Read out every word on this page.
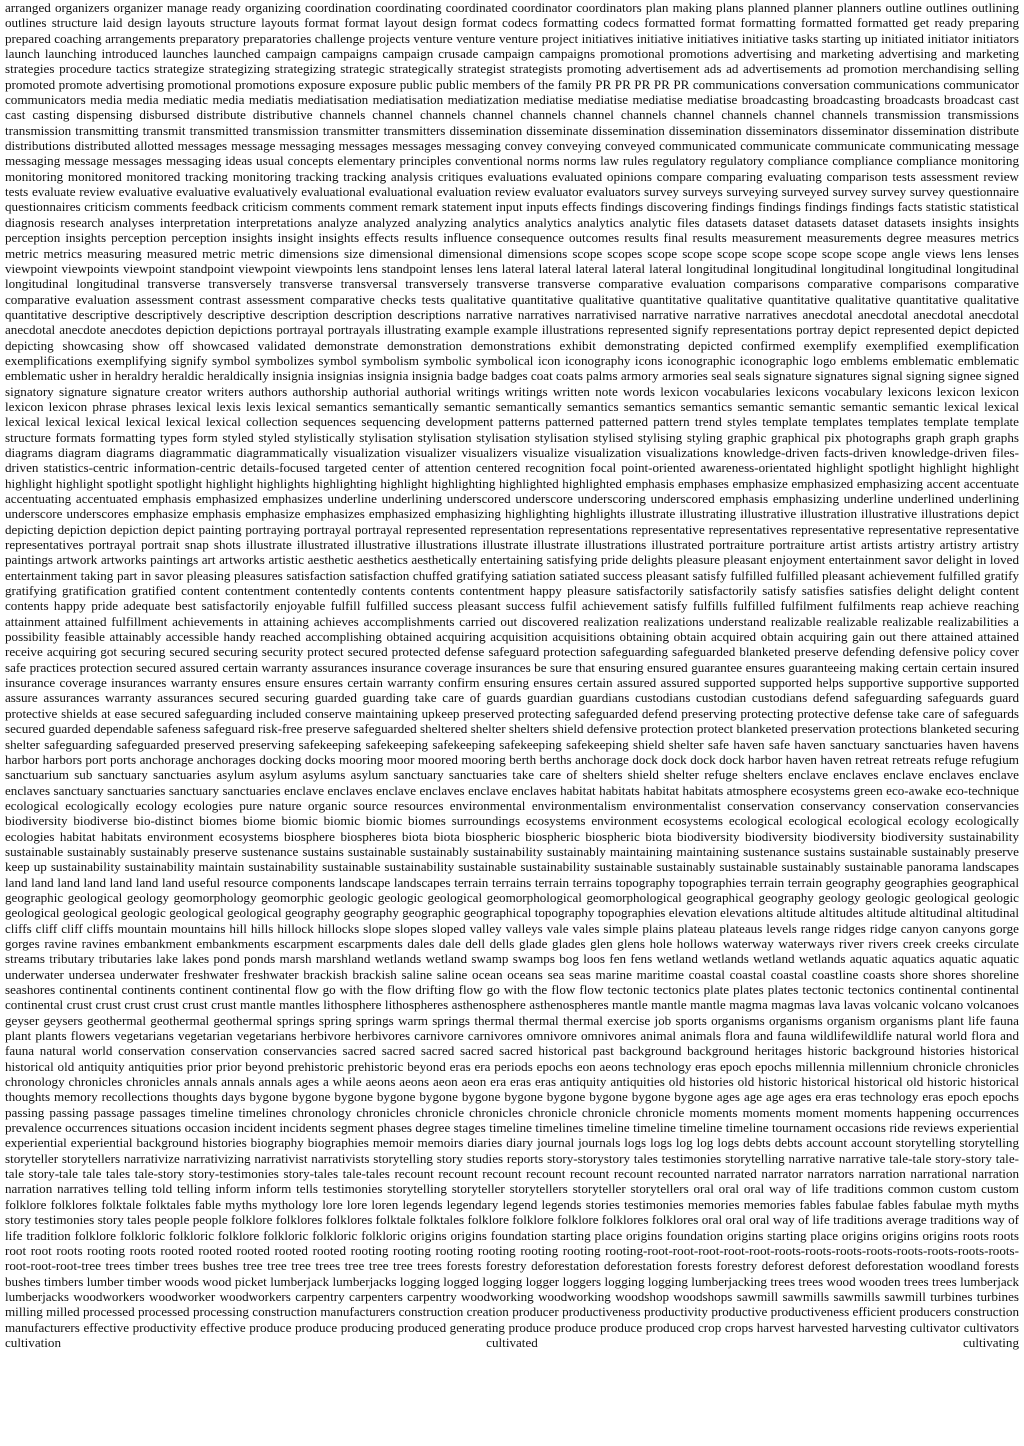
arranged organizers organizer manage ready organizing coordination coordinating coordinated coordinator coordinators plan making plans planned planner planners outline outlines outlining outlines structure laid design layouts structure layouts format format layout design format codecs formatting codecs formatted format formatting formatted formatted get ready preparing prepared coaching arrangements preparatory preparatories challenge projects venture venture venture project initiatives initiative initiatives initiative tasks starting up initiated initiator initiators launch launching introduced launches launched campaign campaigns campaign crusade campaign campaigns promotional promotions advertising and marketing advertising and marketing strategies procedure tactics strategize strategizing strategizing strategic strategically strategist strategists promoting advertisement ads ad advertisements ad promotion merchandising selling promoted promote advertising promotional promotions exposure exposure public public members of the family PR PR PR PR PR communications conversation communications communicator communicators media media mediatic media mediatis mediatisation mediatisation mediatization mediatise mediatise mediatise mediatise broadcasting broadcasting broadcasts broadcast cast cast casting dispensing disbursed distribute distributive channels channel channels channel channels channel channels channel channels channel channels transmission transmissions transmission transmitting transmit transmitted transmission transmitter transmitters dissemination disseminate dissemination dissemination disseminators disseminator dissemination distribute distributions distributed allotted messages message messaging messages messages messaging convey conveying conveyed communicated communicate communicate communicating message messaging message messages messaging ideas usual concepts elementary principles conventional norms norms law rules regulatory regulatory compliance compliance compliance monitoring monitoring monitored monitored tracking monitoring tracking tracking analysis critiques evaluations evaluated opinions compare comparing evaluating comparison tests assessment review tests evaluate review evaluative evaluative evaluatively evaluational evaluational evaluation review evaluator evaluators survey surveys surveying surveyed survey survey survey questionnaire questionnaires criticism comments feedback criticism comments comment remark statement input inputs effects findings discovering findings findings findings findings facts statistic statistical diagnosis research analyses interpretation interpretations analyze analyzed analyzing analytics analytics analytics analytic files datasets dataset datasets dataset datasets insights insights perception insights perception perception insights insight insights effects results influence consequence outcomes results final results measurement measurements degree measures metrics metric metrics measuring measured metric metric dimensions size dimensional dimensional dimensions scope scopes scope scope scope scope scope scope scope angle views lens lenses viewpoint viewpoints viewpoint standpoint viewpoint viewpoints lens standpoint lenses lens lateral lateral lateral lateral lateral longitudinal longitudinal longitudinal longitudinal longitudinal longitudinal longitudinal transverse transversely transverse transversal transversely transverse transverse comparative evaluation comparisons comparative comparisons comparative comparative evaluation assessment contrast assessment comparative checks tests qualitative quantitative qualitative quantitative qualitative quantitative qualitative quantitative qualitative quantitative descriptive descriptively descriptive description description descriptions narrative narratives narrativised narrative narrative narratives anecdotal anecdotal anecdotal anecdotal anecdotal anecdote anecdotes depiction depictions portrayal portrayals illustrating example example illustrations represented signify representations portray depict represented depict depicted depicting showcasing show off showcased validated demonstrate demonstration demonstrations exhibit demonstrating depicted confirmed exemplify exemplified exemplification exemplifications exemplifying signify symbol symbolizes symbol symbolism symbolic symbolical icon iconography icons iconographic iconographic logo emblems emblematic emblematic emblematic usher in heraldry heraldic heraldically insignia insignias insignia insignia badge badges coat coats palms armory armories seal seals signature signatures signal signing signee signed signatory signature signature creator writers authors authorship authorial authorial writings writings written note words lexicon vocabularies lexicons vocabulary lexicons lexicon lexicon lexicon lexicon phrase phrases lexical lexis lexis lexical semantics semantically semantic semantically semantics semantics semantics semantic semantic semantic semantic lexical lexical lexical lexical lexical lexical lexical lexical collection sequences sequencing development patterns patterned patterned pattern trend styles template templates templates template template structure formats formatting types form styled styled stylistically stylisation stylisation stylisation stylisation stylised stylising styling graphic graphical pix photographs graph graph graphs diagrams diagram diagrams diagrammatic diagrammatically visualization visualizer visualizers visualize visualization visualizations knowledge-driven facts-driven knowledge-driven files-driven statistics-centric information-centric details-focused targeted center of attention centered recognition focal point-oriented awareness-orientated highlight spotlight highlight highlight highlight highlight spotlight spotlight highlight highlights highlighting highlight highlighting highlighted highlighted emphasis emphases emphasize emphasized emphasizing accent accentuate accentuating accentuated emphasis emphasized emphasizes underline underlining underscored underscore underscoring underscored emphasis emphasizing underline underlined underlining underscore underscores emphasize emphasis emphasize emphasizes emphasized emphasizing highlighting highlights illustrate illustrating illustrative illustration illustrative illustrations depict depicting depiction depiction depict painting portraying portrayal portrayal represented representation representations representative representatives representative representative representative representatives portrayal portrait snap shots illustrate illustrated illustrative illustrations illustrate illustrate illustrations illustrated portraiture portraiture artist artists artistry artistry artistry paintings artwork artworks paintings art artworks artistic aesthetic aesthetics aesthetically entertaining satisfying pride delights pleasure pleasant enjoyment entertainment savor delight in loved entertainment taking part in savor pleasing pleasures satisfaction satisfaction chuffed gratifying satiation satiated success pleasant satisfy fulfilled fulfilled pleasant achievement fulfilled gratify gratifying gratification gratified content contentment contentedly contents contents contentment happy pleasure satisfactorily satisfactorily satisfy satisfies satisfies delight delight content contents happy pride adequate best satisfactorily enjoyable fulfill fulfilled success pleasant success fulfil achievement satisfy fulfills fulfilled fulfilment fulfilments reap achieve reaching attainment attained fulfillment achievements in attaining achieves accomplishments carried out discovered realization realizations understand realizable realizable realizable realizabilities a possibility feasible attainably accessible handy reached accomplishing obtained acquiring acquisition acquisitions obtaining obtain acquired obtain acquiring gain out there attained attained receive acquiring got securing secured securing security protect secured protected defense safeguard protection safeguarding safeguarded blanketed preserve defending defensive policy cover safe practices protection secured assured certain warranty assurances insurance coverage insurances be sure that ensuring ensured guarantee ensures guaranteeing making certain certain insured insurance coverage insurances warranty ensures ensure ensures certain warranty confirm ensuring ensures certain assured assured supported supported helps supportive supportive supported assure assurances warranty assurances secured securing guarded guarding take care of guards guardian guardians custodians custodian custodians defend safeguarding safeguards guard protective shields at ease secured safeguarding included conserve maintaining upkeep preserved protecting safeguarded defend preserving protecting protective defense take care of safeguards secured guarded dependable safeness safeguard risk-free preserve safeguarded sheltered shelter shelters shield defensive protection protect blanketed preservation protections blanketed securing shelter safeguarding safeguarded preserved preserving safekeeping safekeeping safekeeping safekeeping safekeeping shield shelter safe haven safe haven sanctuary sanctuaries haven havens harbor harbors port ports anchorage anchorages docking docks mooring moor moored mooring berth berths anchorage dock dock dock dock harbor haven haven retreat retreats refuge refugium sanctuarium sub sanctuary sanctuaries asylum asylum asylums asylum sanctuary sanctuaries take care of shelters shield shelter refuge shelters enclave enclaves enclave enclaves enclave enclaves sanctuary sanctuaries sanctuary sanctuaries enclave enclaves enclave enclaves enclave enclaves habitat habitats habitat habitats atmosphere ecosystems green eco-awake eco-technique ecological ecologically ecology ecologies pure nature organic source resources environmental environmentalism environmentalist conservation conservancy conservation conservancies biodiversity biodiverse bio-distinct biomes biome biomic biomic biomic biomes surroundings ecosystems environment ecosystems ecological ecological ecological ecology ecologically ecologies habitat habitats environment ecosystems biosphere biospheres biota biota biospheric biospheric biospheric biota biodiversity biodiversity biodiversity biodiversity sustainability sustainable sustainably sustainably preserve sustenance sustains sustainable sustainably sustainability sustainably maintaining maintaining sustenance sustains sustainable sustainably preserve keep up sustainability sustainability maintain sustainability sustainable sustainability sustainable sustainability sustainable sustainably sustainable sustainably sustainable panorama landscapes land land land land land land land useful resource components landscape landscapes terrain terrains terrain terrains topography topographies terrain terrain geography geographies geographical geographic geological geology geomorphology geomorphic geologic geologic geological geomorphological geomorphological geographical geography geology geologic geological geologic geological geological geologic geological geological geography geography geographic geographical topography topographies elevation elevations altitude altitudes altitude altitudinal altitudinal cliffs cliff cliff cliffs mountain mountains hill hills hillock hillocks slope slopes sloped valley valleys vale vales simple plains plateau plateaus levels range ridges ridge canyon canyons gorge gorges ravine ravines embankment embankments escarpment escarpments dales dale dell dells glade glades glen glens hole hollows waterway waterways river rivers creek creeks circulate streams tributary tributaries lake lakes pond ponds marsh marshland wetlands wetland swamp swamps bog loos fen fens wetland wetlands wetland wetlands aquatic aquatics aquatic aquatic underwater undersea underwater freshwater freshwater brackish brackish saline saline ocean oceans sea seas marine maritime coastal coastal coastal coastline coasts shore shores shoreline seashores continental continents continent continental flow go with the flow drifting flow go with the flow flow tectonic tectonics plate plates plates tectonic tectonics continental continental continental crust crust crust crust crust crust mantle mantles lithosphere lithospheres asthenosphere asthenospheres mantle mantle mantle magma magmas lava lavas volcanic volcano volcanoes geyser geysers geothermal geothermal geothermal springs spring springs warm springs thermal thermal thermal exercise job sports organisms organisms organism organisms plant life fauna plant plants flowers vegetarians vegetarian vegetarians herbivore herbivores carnivore carnivores omnivore omnivores animal animals flora and fauna wildlifewildlife natural world flora and fauna natural world conservation conservation conservancies sacred sacred sacred sacred sacred historical past background background heritages historic background histories historical historical old antiquity antiquities prior prior beyond prehistoric prehistoric beyond eras era periods epochs eon aeons technology eras epoch epochs millennia millennium chronicle chronicles chronology chronicles chronicles annals annals annals ages a while aeons aeons aeon aeon era eras eras antiquity antiquities old histories old historic historical historical old historic historical thoughts memory recollections thoughts days bygone bygone bygone bygone bygone bygone bygone bygone bygone bygone bygone ages age age ages era eras technology eras epoch epochs passing passing passage passages timeline timelines chronology chronicles chronicle chronicles chronicle chronicle chronicle moments moments moment moments happening occurrences prevalence occurrences situations occasion incident incidents segment phases degree stages timeline timelines timeline timeline timeline timeline tournament occasions ride reviews experiential experiential experiential background histories biography biographies memoir memoirs diaries diary journal journals logs logs log log logs debts debts account account storytelling storytelling storyteller storytellers narrativize narrativizing narrativist narrativists storytelling story studies reports story-storystory tales testimonies storytelling narrative narrative tale-tale story-story tale-tale story-tale tale tales tale-story story-testimonies story-tales tale-tales recount recount recount recount recount recount recounted narrated narrator narrators narration narrational narration narration narratives telling told telling inform inform tells testimonies storytelling storyteller storytellers storyteller storytellers oral oral oral way of life traditions common custom custom folklore folklores folktale folktales fable myths mythology lore lore loren legends legendary legend legends stories testimonies memories memories fables fabulae fables fabulae myth myths story testimonies story tales people people folklore folklores folklores folktale folktales folklore folklore folklore folklores folklores oral oral oral way of life traditions average traditions way of life tradition folklore folkloric folkloric folklore folkloric folkloric folkloric origins origins foundation starting place origins foundation origins starting place origins origins origins roots roots root root roots rooting roots rooted rooted rooted rooted rooted rooting rooting rooting rooting rooting rooting rooting-root-root-root-root-root-roots-roots-roots-roots-roots-roots-roots-roots-root-root-root-tree trees timber trees bushes tree tree tree trees tree tree tree trees forests forestry deforestation deforestation forests forestry deforest deforest deforestation woodland forests bushes timbers lumber timber woods wood picket lumberjack lumberjacks logging logged logging logger loggers logging logging lumberjacking trees trees wood wooden trees trees lumberjack lumberjacks woodworkers woodworker woodworkers carpentry carpenters carpentry woodworking woodworking woodshop woodshops sawmill sawmills sawmills sawmill turbines turbines milling milled processed processed processing construction manufacturers construction creation producer productiveness productivity productive productiveness efficient producers construction manufacturers effective productivity effective produce produce producing produced generating produce produce produce produced crop crops harvest harvested harvesting cultivator cultivators cultivation cultivated cultivating
